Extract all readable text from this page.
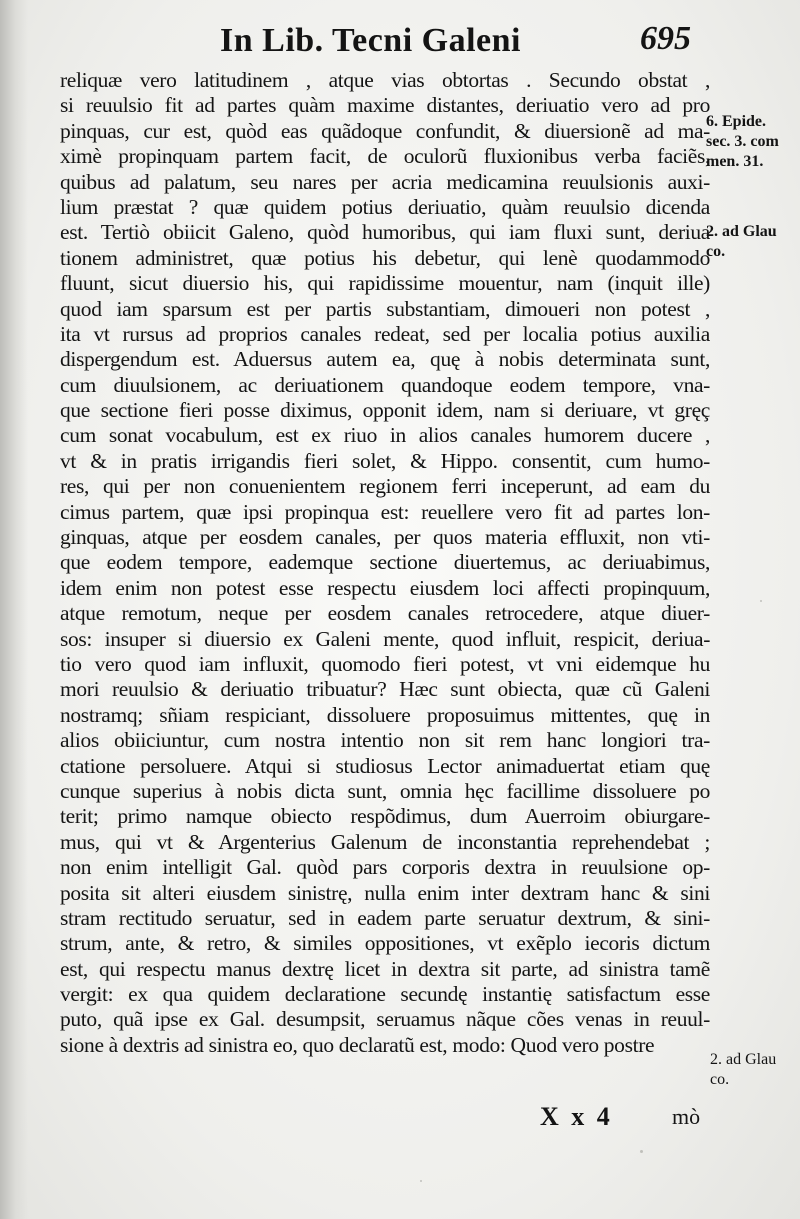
In Lib. Tecni Galeni	695
reliquæ vero latitudinem , atque vias obtortas . Secundo obstat ,
si reuulsio fit ad partes quàm maxime distantes, deriuatio vero ad pro
pinquas, cur est, quòd eas quãdoque confundit, & diuersionẽ ad ma-
ximè propinquam partem facit, de oculorũ fluxionibus verba faciẽs,
quibus ad palatum, seu nares per acria medicamina reuulsionis auxi-
lium præstat ? quæ quidem potius deriuatio, quàm reuulsio dicenda
est. Tertiò obiicit Galeno, quòd humoribus, qui iam fluxi sunt, deriua
tionem administret, quæ potius his debetur, qui lenè quodammodo
fluunt, sicut diuersio his, qui rapidissime mouentur, nam (inquit ille)
quod iam sparsum est per partis substantiam, dimoueri non potest ,
ita vt rursus ad proprios canales redeat, sed per localia potius auxilia
dispergendum est. Aduersus autem ea, quę à nobis determinata sunt,
cum diuulsionem, ac deriuationem quandoque eodem tempore, vna-
que sectione fieri posse diximus, opponit idem, nam si deriuare, vt gręç
cum sonat vocabulum, est ex riuo in alios canales humorem ducere ,
vt & in pratis irrigandis fieri solet, & Hippo. consentit, cum humo-
res, qui per non conuenientem regionem ferri inceperunt, ad eam du
cimus partem, quæ ipsi propinqua est: reuellere vero fit ad partes lon-
ginquas, atque per eosdem canales, per quos materia effluxit, non vti-
que eodem tempore, eademque sectione diuertemus, ac deriuabimus,
idem enim non potest esse respectu eiusdem loci affecti propinquum,
atque remotum, neque per eosdem canales retrocedere, atque diuer-
sos: insuper si diuersio ex Galeni mente, quod influit, respicit, deriua-
tio vero quod iam influxit, quomodo fieri potest, vt vni eidemque hu
mori reuulsio & deriuatio tribuatur? Hæc sunt obiecta, quæ cũ Galeni
nostramq; sñiam respiciant, dissoluere proposuimus mittentes, quę in
alios obiiciuntur, cum nostra intentio non sit rem hanc longiori tra-
ctatione persoluere. Atqui si studiosus Lector animaduertat etiam quę
cunque superius à nobis dicta sunt, omnia hęc facillime dissoluere po
terit; primo namque obiecto respõdimus, dum Auerroim obiurgare-
mus, qui vt & Argenterius Galenum de inconstantia reprehendebat ;
non enim intelligit Gal. quòd pars corporis dextra in reuulsione op-
posita sit alteri eiusdem sinistrę, nulla enim inter dextram hanc & sini
stram rectitudo seruatur, sed in eadem parte seruatur dextrum, & sini-
strum, ante, & retro, & similes oppositiones, vt exẽplo iecoris dictum
est, qui respectu manus dextrę licet in dextra sit parte, ad sinistra tamẽ
vergit: ex qua quidem declaratione secundę instantię satisfactum esse
puto, quã ipse ex Gal. desumpsit, seruamus nãque cões venas in reuul-
sione à dextris ad sinistra eo, quo declaratũ est, modo: Quod vero postre
6. Epide.
sec. 3. com
men. 31.
2. ad Glau
co.
2. ad Glau
co.
X x 4	mò
